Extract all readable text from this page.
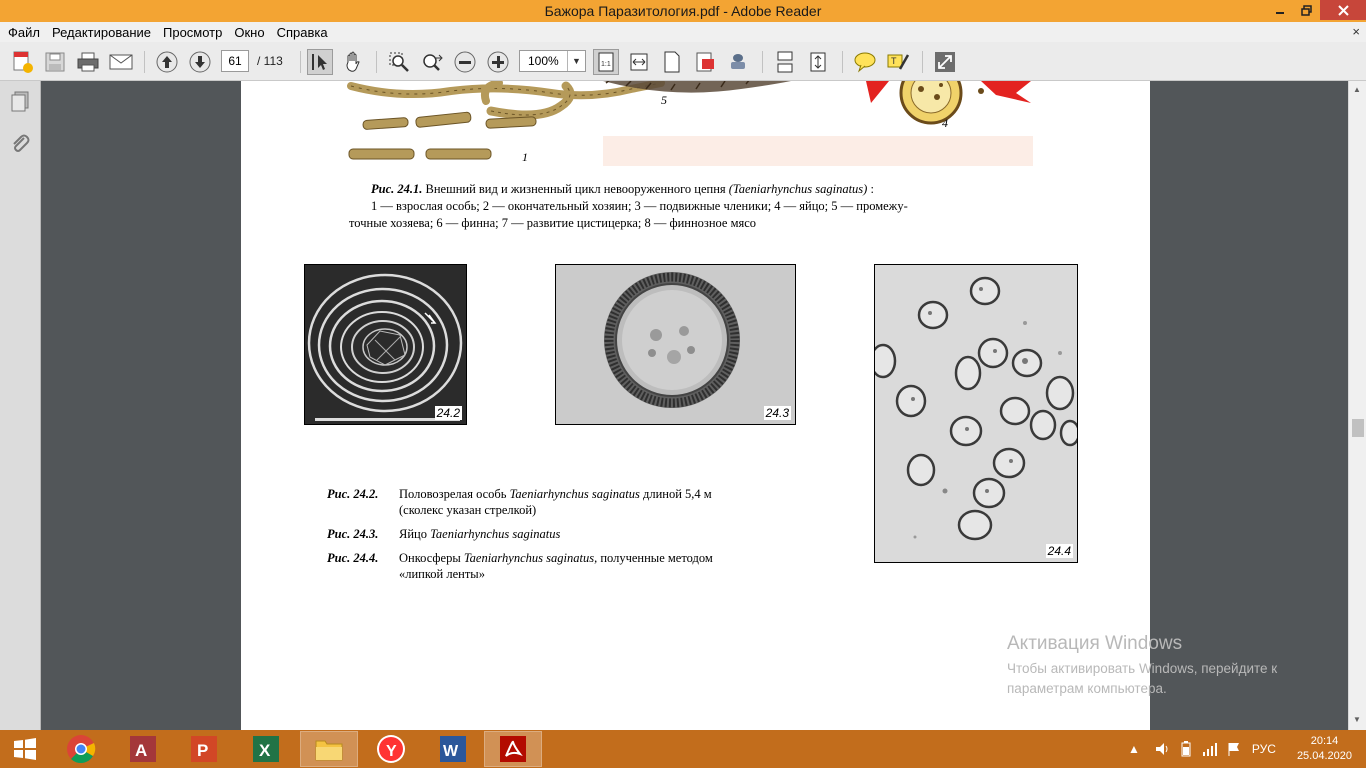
Бажора Паразитология.pdf - Adobe Reader
Файл Редактирование Просмотр Окно Справка	×
1:1	T
61	/ 113	100%	▼
5
4
1
Рис. 24.1. Внешний вид и жизненный цикл невооруженного цепня (Taeniarhynchus saginatus) :
1 — взрослая особь; 2 — окончательный хозяин; 3 — подвижные членики; 4 — яйцо; 5 — промежу-
точные хозяева; 6 — финна; 7 — развитие цистицерка; 8 — финнозное мясо
24.2	24.3
24.4
Рис. 24.2. Половозрелая особь Taeniarhynchus saginatus длиной 5,4 м
(сколекс указан стрелкой)
Рис. 24.3. Яйцо Taeniarhynchus saginatus
Рис. 24.4. Онкосферы Taeniarhynchus saginatus, полученные методом
«липкой ленты»
▲
▼
Активация Windows
Чтобы активировать Windows, перейдите к
параметрам компьютера.
A	P	X	Y	W	▲	РУС
20:14
25.04.2020
